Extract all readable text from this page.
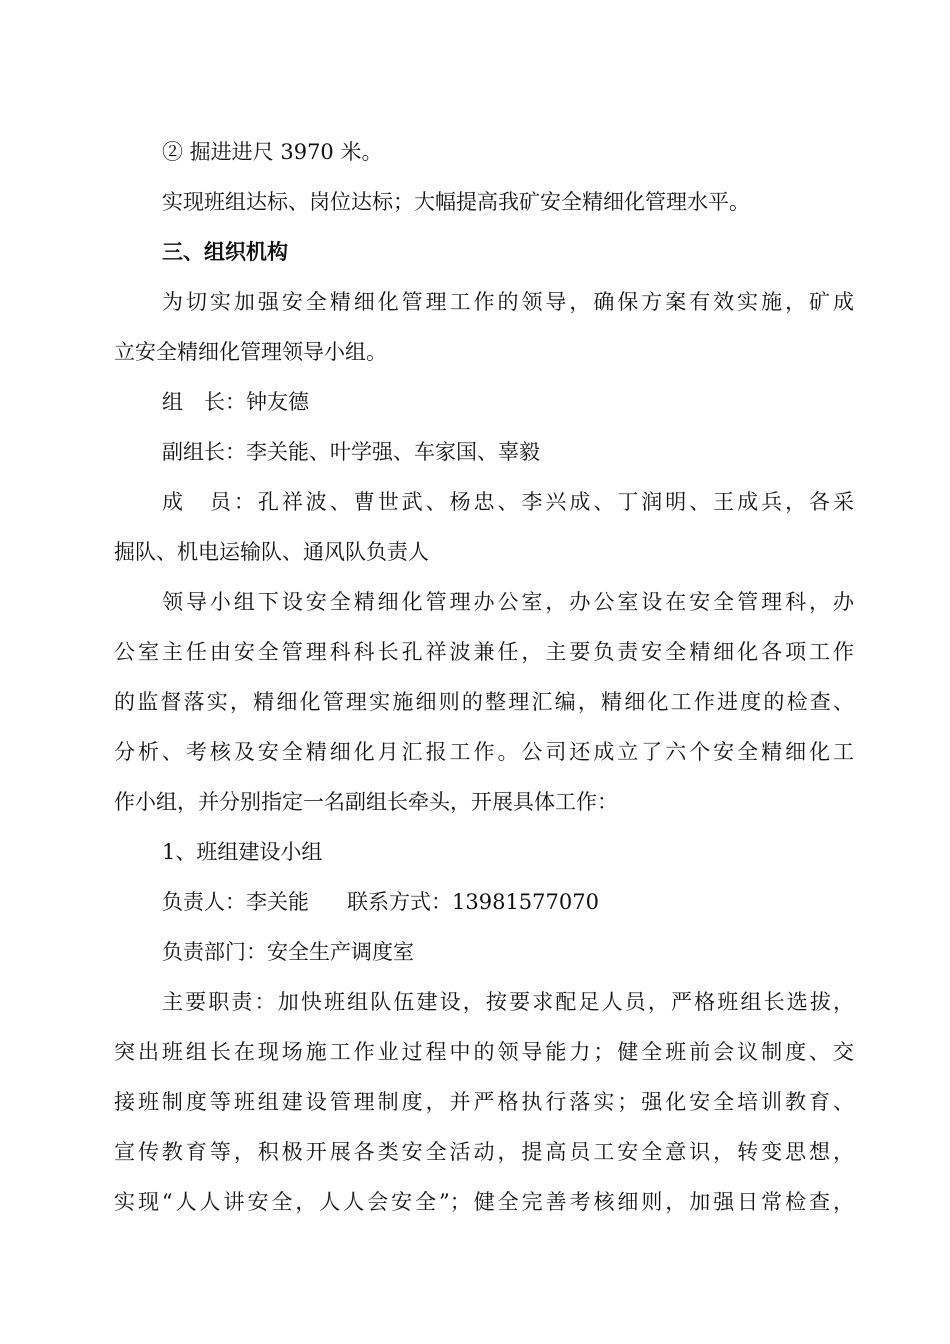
② 掘进进尺 3970 米。
实现班组达标、岗位达标；大幅提高我矿安全精细化管理水平。
三、组织机构
为切实加强安全精细化管理工作的领导，确保方案有效实施，矿成
立安全精细化管理领导小组。
组　长：钟友德
副组长：李关能、叶学强、车家国、辜毅
成　员：孔祥波、曹世武、杨忠、李兴成、丁润明、王成兵，各采
掘队、机电运输队、通风队负责人
领导小组下设安全精细化管理办公室，办公室设在安全管理科，办
公室主任由安全管理科科长孔祥波兼任，主要负责安全精细化各项工作
的监督落实，精细化管理实施细则的整理汇编，精细化工作进度的检查、
分析、考核及安全精细化月汇报工作。公司还成立了六个安全精细化工
作小组，并分别指定一名副组长牵头，开展具体工作：
1、班组建设小组
负责人：李关能 联系方式：13981577070
负责部门：安全生产调度室
主要职责：加快班组队伍建设，按要求配足人员，严格班组长选拔，
突出班组长在现场施工作业过程中的领导能力；健全班前会议制度、交
接班制度等班组建设管理制度，并严格执行落实；强化安全培训教育、
宣传教育等，积极开展各类安全活动，提高员工安全意识，转变思想，
实现“人人讲安全，人人会安全”；健全完善考核细则，加强日常检查，
